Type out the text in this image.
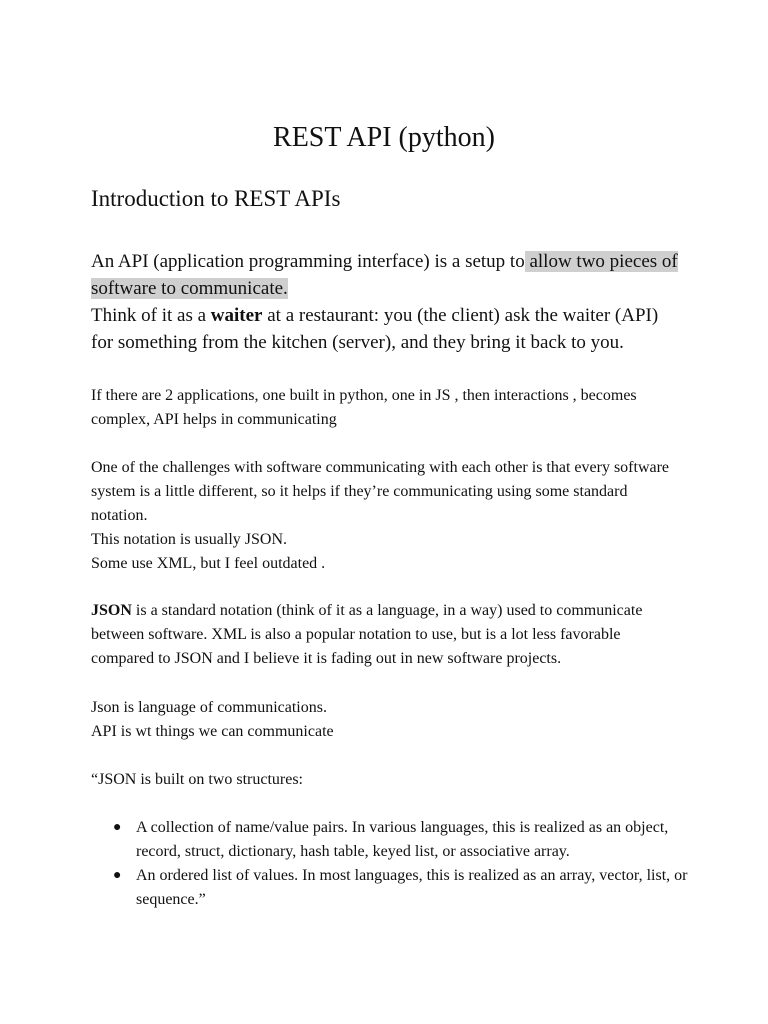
REST API (python)
Introduction to REST APIs

An API (application programming interface) is a setup to allow two pieces of software to communicate.

Think of it as a waiter at a restaurant: you (the client) ask the waiter (API) for something from the kitchen (server), and they bring it back to you.

If there are 2 applications, one built in python, one in JS , then interactions , becomes complex, API helps in communicating

One of the challenges with software communicating with each other is that every software system is a little different, so it helps if they’re communicating using some standard notation.

This notation is usually JSON.

Some use XML, but I feel outdated .

JSON is a standard notation (think of it as a language, in a way) used to communicate between software. XML is also a popular notation to use, but is a lot less favorable compared to JSON and I believe it is fading out in new software projects.

Json is language of communications.

API is wt things we can communicate

“JSON is built on two structures:

● A collection of name/value pairs. In various languages, this is realized as an object, record, struct, dictionary, hash table, keyed list, or associative array.
● An ordered list of values. In most languages, this is realized as an array, vector, list, or sequence.”
